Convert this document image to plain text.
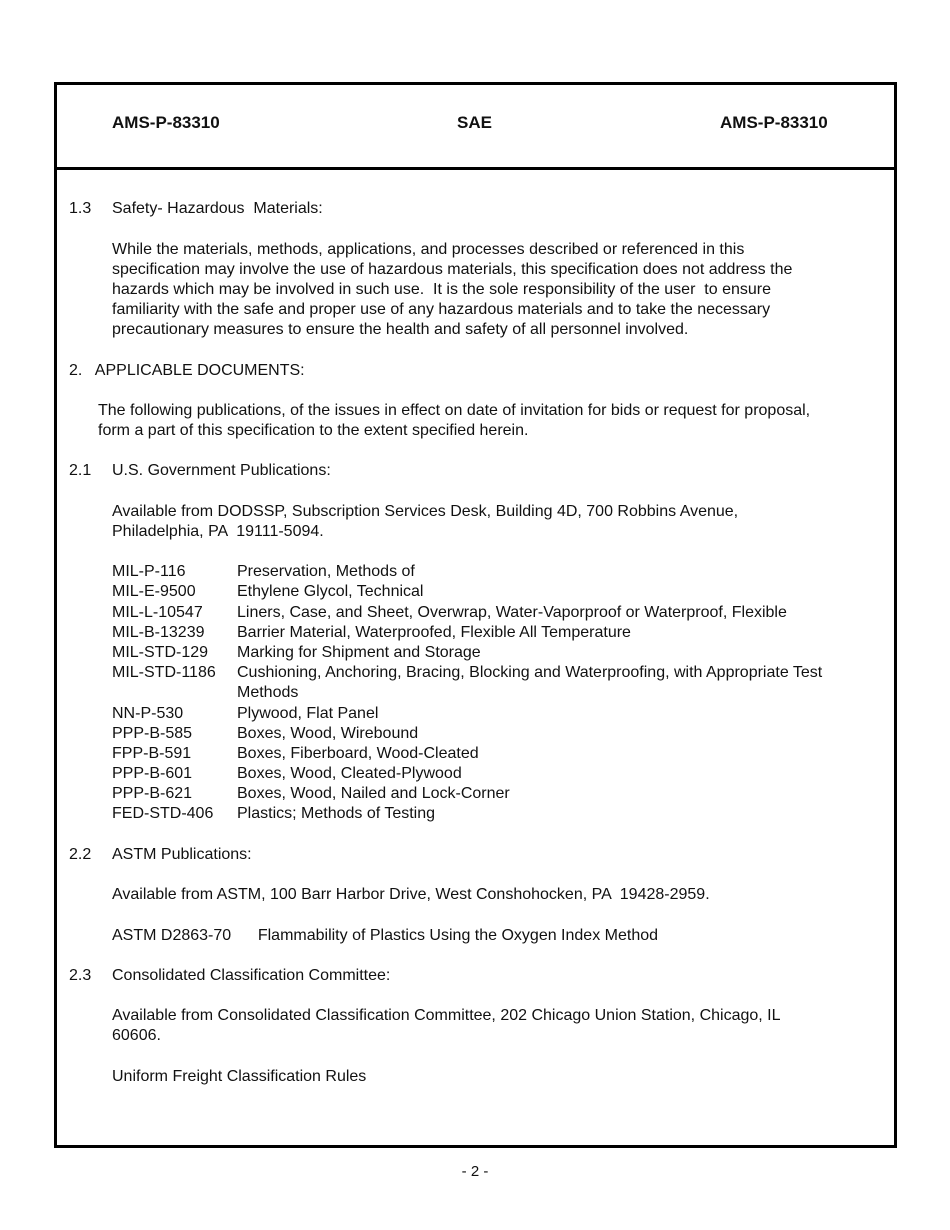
AMS-P-83310	SAE	AMS-P-83310
1.3 Safety- Hazardous  Materials:
While the materials, methods, applications, and processes described or referenced in this
specification may involve the use of hazardous materials, this specification does not address the
hazards which may be involved in such use.  It is the sole responsibility of the user  to ensure
familiarity with the safe and proper use of any hazardous materials and to take the necessary
precautionary measures to ensure the health and safety of all personnel involved.
2.   APPLICABLE DOCUMENTS:
The following publications, of the issues in effect on date of invitation for bids or request for proposal,
form a part of this specification to the extent specified herein.
2.1 U.S. Government Publications:
Available from DODSSP, Subscription Services Desk, Building 4D, 700 Robbins Avenue,
Philadelphia, PA  19111-5094.
MIL-P-116	Preservation, Methods of
MIL-E-9500	Ethylene Glycol, Technical
MIL-L-10547 Liners, Case, and Sheet, Overwrap, Water-Vaporproof or Waterproof, Flexible
MIL-B-13239 Barrier Material, Waterproofed, Flexible All Temperature
MIL-STD-129 Marking for Shipment and Storage
MIL-STD-1186 Cushioning, Anchoring, Bracing, Blocking and Waterproofing, with Appropriate Test
Methods
NN-P-530	Plywood, Flat Panel
PPP-B-585	Boxes, Wood, Wirebound
FPP-B-591	Boxes, Fiberboard, Wood-Cleated
PPP-B-601	Boxes, Wood, Cleated-Plywood
PPP-B-621	Boxes, Wood, Nailed and Lock-Corner
FED-STD-406 Plastics; Methods of Testing
2.2 ASTM Publications:
Available from ASTM, 100 Barr Harbor Drive, West Conshohocken, PA  19428-2959.
ASTM D2863-70      Flammability of Plastics Using the Oxygen Index Method
2.3 Consolidated Classification Committee:
Available from Consolidated Classification Committee, 202 Chicago Union Station, Chicago, IL
60606.
Uniform Freight Classification Rules
- 2 -
